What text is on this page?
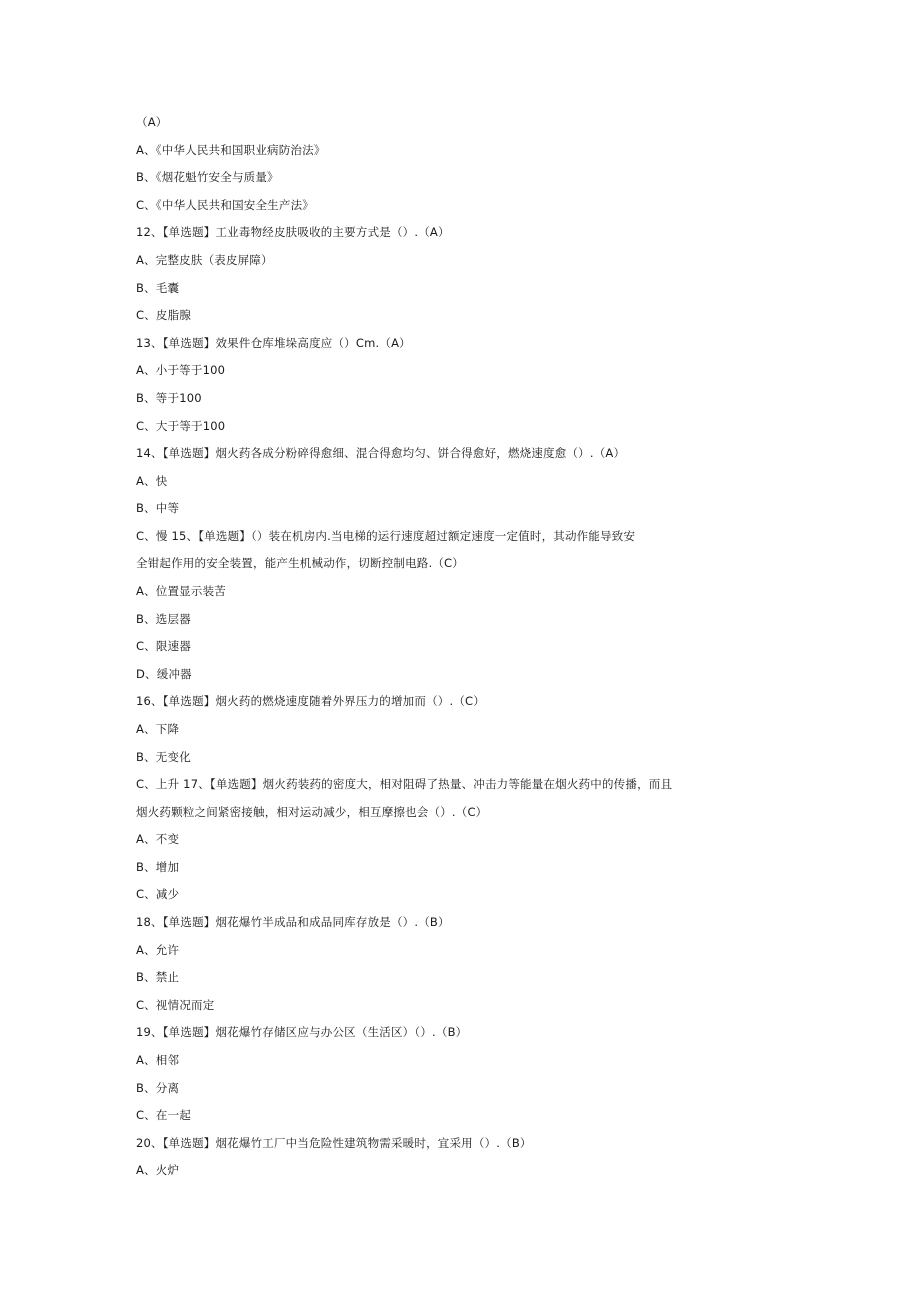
（A）
A、《中华人民共和国职业病防治法》
B、《烟花魁竹安全与质量》
C、《中华人民共和国安全生产法》
12、【单选题】工业毒物经皮肤吸收的主要方式是（）.（A）
A、完整皮肤（表皮屏障）
B、毛囊
C、皮脂腺
13、【单选题】效果件仓库堆垛高度应（）Cm.（A）
A、小于等于100
B、等于100
C、大于等于100
14、【单选题】烟火药各成分粉碎得愈细、混合得愈均匀、饼合得愈好，燃烧速度愈（）.（A）
A、快
B、中等
C、慢 15、【单选题】（）装在机房内.当电梯的运行速度超过额定速度一定值时，其动作能导致安
全钳起作用的安全装置，能产生机械动作，切断控制电路.（C）
A、位置显示装苦
B、选层器
C、限速器
D、缓冲器
16、【单选题】烟火药的燃烧速度随着外界压力的增加而（）.（C）
A、下降
B、无变化
C、上升 17、【单选题】烟火药装药的密度大，相对阻碍了热量、冲击力等能量在烟火药中的传播，而且
烟火药颗粒之间紧密接触，相对运动减少，相互摩擦也会（）.（C）
A、不变
B、增加
C、减少
18、【单选题】烟花爆竹半成品和成品同库存放是（）.（B）
A、允许
B、禁止
C、视情况而定
19、【单选题】烟花爆竹存储区应与办公区（生活区）（）.（B）
A、相邻
B、分离
C、在一起
20、【单选题】烟花爆竹工厂中当危险性建筑物需采暖时，宜采用（）.（B）
A、火炉
